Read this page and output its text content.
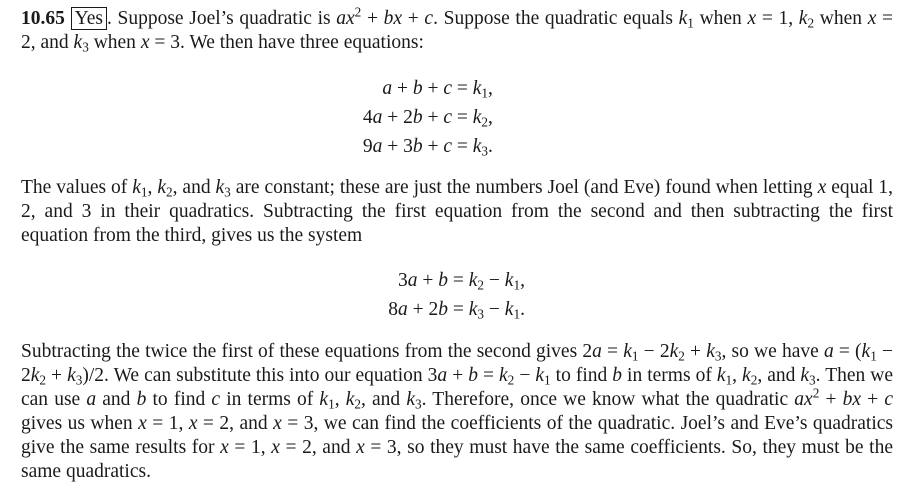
10.65 Yes . Suppose Joel’s quadratic is $ax^2$ + bx + c. Suppose the quadratic equals $k_1$ when x = 1, $k_2$ when x = 2, and $k_3$ when x = 3. We then have three equations:

$a + b + c = k_1$,
$4a + 2b + c = k_2$,
$9a + 3b + c = k_3$.

The values of $k_1$, $k_2$, and $k_3$ are constant; these are just the numbers Joel (and Eve) found when letting x equal 1, 2, and 3 in their quadratics. Subtracting the first equation from the second and then subtracting the first equation from the third, gives us the system

$3a + b = k_2 - k_1$,
$8a + 2b = k_3 - k_1$.

Subtracting the twice the first of these equations from the second gives $2a = k_1 - 2k_2 + k_3$, so we have $a = (k_1 - 2k_2 + k_3)/2$. We can substitute this into our equation $3a + b = k_2 - k_1$ to find b in terms of $k_1$, $k_2$, and $k_3$. Then we can use a and b to find c in terms of $k_1$, $k_2$, and $k_3$. Therefore, once we know what the quadratic $ax^2$ + bx + c gives us when x = 1, x = 2, and x = 3, we can find the coefficients of the quadratic. Joel’s and Eve’s quadratics give the same results for x = 1, x = 2, and x = 3, so they must have the same coefficients. So, they must be the same quadratics.
